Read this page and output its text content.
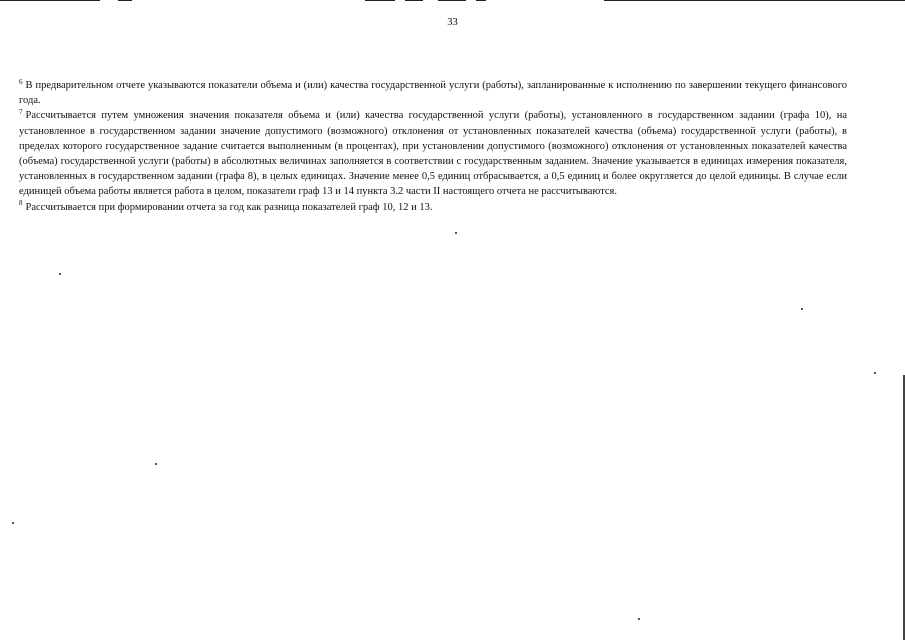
33

$^6$ В предварительном отчете указываются показатели объема и (или) качества государственной услуги (работы), запланированные к исполнению по завершении текущего финансового года.

$^7$ Рассчитывается путем умножения значения показателя объема и (или) качества государственной услуги (работы), установленного в государственном задании (графа 10), на установленное в государственном задании значение допустимого (возможного) отклонения от установленных показателей качества (объема) государственной услуги (работы), в пределах которого государственное задание считается выполненным (в процентах), при установлении допустимого (возможного) отклонения от установленных показателей качества (объема) государственной услуги (работы) в абсолютных величинах заполняется в соответствии с государственным заданием. Значение указывается в единицах измерения показателя, установленных в государственном задании (графа 8), в целых единицах. Значение менее 0,5 единиц отбрасывается, а 0,5 единиц и более округляется до целой единицы. В случае если единицей объема работы является работа в целом, показатели граф 13 и 14 пункта 3.2 части II настоящего отчета не рассчитываются.

$^8$ Рассчитывается при формировании отчета за год как разница показателей граф 10, 12 и 13.
